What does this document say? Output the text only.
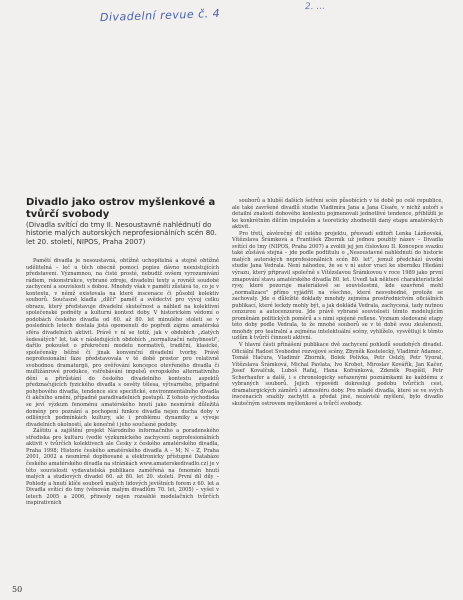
Divadelní revue č. 4	2. ...
Divadlo jako ostrov myšlenkové a tvůrčí svobody

(Divadla svítící do tmy II. Nesoustavné nahlédnutí do historie malých autorských neprofesionálních scén 80. let 20. století, NIPOS, Praha 2007)

Pamětí divadla je nesoustavná, obtížně uchopitelná a stejně obtížně udělitelná – leč u těch obecně pomocí popisu dávno neexistujících představení. Významnou, na čisté prosté, nebudiž ovšem vyrozumívání rádiem, rekonstrukce, vybrané zdroje, divadelní texty a rovněž soudobé zachycení a souvislosti s dobou. Mnohdy však v paměti zůstává to, co je v kontextu, v němž existovala na které inscenace či působil kolektiv souborů. Současně kladla „dílčí" paměť a svědectví pro vývoj celku obrazu, který představuje divadelní skutečnost a náhled na kolektivní společenské podněty a kulturní kontext doby. V historickém vědomí o podobách českého divadla od 60. až 80. let minulého století se v posledních letech dostala jistá opomenutí do popředí zájmu amatérská sféra divadelních aktivit. Právě v ní se totiž, jak v obdobích „zlatých šedesátých" let, tak v následujících obdobích „normalizační nehybnosti", dařilo pokoušet o překročení modelu normativů, tradiční, klasické, společensky běžné či jinak konvenční divadelní tvorby. Právě neprofesionální fáze představovala v té době prostor pro relativně svobodnou dramaturgii, pro ověřování koncepce otevřeného divadla či multižánrové produkce, vstřebávání impulsů evropského alternativního dění a přirůstání do českého divadelního kontextu aspektů předznačujících fyzického divadla s osvěty tělesa, výtvarného, případně pohybového divadla, tendence sice specifické, environmentálního divadla či akčního umění, případně paradivadelních postupů. Z tohoto východiska se jeví výzkum fenoménu amatérského hnutí jako nesmírně důležitá domény pro poznání a pochopení funkce divadla nejen ducha doby v odlišných podmínkách kultury, ale i problému dynamiky a vývoje divadelních okolností, ale konečně i jeho současné podoby.

Záštitu a zajištění projekt Národního informačního a poradenského střediska pro kulturu (vedle výzkumického zachycení neprofesionálních aktivit v tvůrčích kolektivech ale Česky z českého amatérského divadla, Praha 1998; Historie českého amatérského divadla A – M; N – Z, Praha 2001, 2002 a nesmírně doplňované a elektronicky přístupné Databáze českého amatérského divadla na stránkách www.amaterskedivadlo.cz) je v této souvislosti vydavatelská publikace zaměřená na fenomén hnutí malých a studiových divadel 60. až 80. let 20. století. První díl díly – Pohledy a hnutí klíče souborů malých lidových jevištních forem z 60. let a Divadla svítící do tmy (věnován malým divadlům 70. let, 2005) – vyšel v letech 2005 a 2006, přinesly nejen rozsáhlé modelačních tvůrčích inspirativních

souborů a hlubší dalších šetření scén působících v té době po celé republice, ale také završené divadlů studie Vladimíra Jana a Jana Císaře, v nichž autoři s detailní znalostí dobového kontextu pojmenovali jednotlivé tendence, přiblížili je ke konkrétním dílčím impulsům a teoreticky zhodnotili daný etapu amatérských aktivit.

Pro třetí, závěrečný díl celého projektu, přesvadí editoři Lenka Lázňovská, Vítězslava Šrámková a František Zborník už jednou použitý název – Divadla svítící do tmy (NIPOS, Praha 2007) a zvolili jej jen číslovkou II. Koncepce svazku také zůstává stejná – jde podle podtitulu o „Nesoustavné nahlédnutí do historie malých autorských neprofesionálních scén 80. let", jemuž předchází úvodní studie Jana Vedrala. Není náhodou, že se v ní autor vrací ke sborníku Hledání výrazu, který připravil společně s Vítězslavou Šrámkovou v roce 1989 jako první zmapování stavu amatérského divadla 80. let. Uvedl tak některé charakteristické rysy, které pozoruje materiálově se souvislostmi, kde uzavřeně mohl „normalizace" přímo vyjádřit na všechno, které nesvobodné, protože se zachovaly. Jde o důležité doklady mnohdy zejména prostřednictvím oficiálních publikací, které leckdy mohly být, a jak dokládá Vedrala, zachycená, tady nutnou cenzurou a autocenzurou. Jde právě vybrané souvislosti těmto modelujícím proměnám politických poměrů a s nimi spojené reflexe. Vyznam sledované etapy této doby podle Vedrala, to že mnohé souborů se v té době svou zkušeností, mnohdy pro teatralní a zejména intelektuální scény, vyhlíželo, vysvětlují k těmto uzlům k tvůrčí činnosti aktivní.

V hlavní části přinášení publikace dvě zachycení pohledů soudobých divadel. Oficiální Radost Svobodné rozvojové scény, Zbyněk Kostelecký, Vladimír Adamec, Tomáš Hačura, Vladimír Zborník, Bolek Polívka, Petr Oslzlý, Petr Vyoral, Vítězslava Šrámková, Michal Pavlata, Ivo Krobot, Miroslav Kovářík, Jan Kačer, Josef Kovalčuk, Luboš Rafaj, Hana Kofránková, Zdeněk Pospíšil, Petr Scherhaufer a další, i s chronologicky seřazenými poznámkami ke každému z vybraných souborů. Jejich výpovědi dokreslují podobu tvůrčích cest, dramaturgických záměrů i atmosféru doby. Pro mladé divadla, které se ve svých inscenacích snažily zachytit a předat jiné, nezávislé myšlení, bylo divadlo skutečným ostrovem myšlenkové a tvůrčí svobody.

50
